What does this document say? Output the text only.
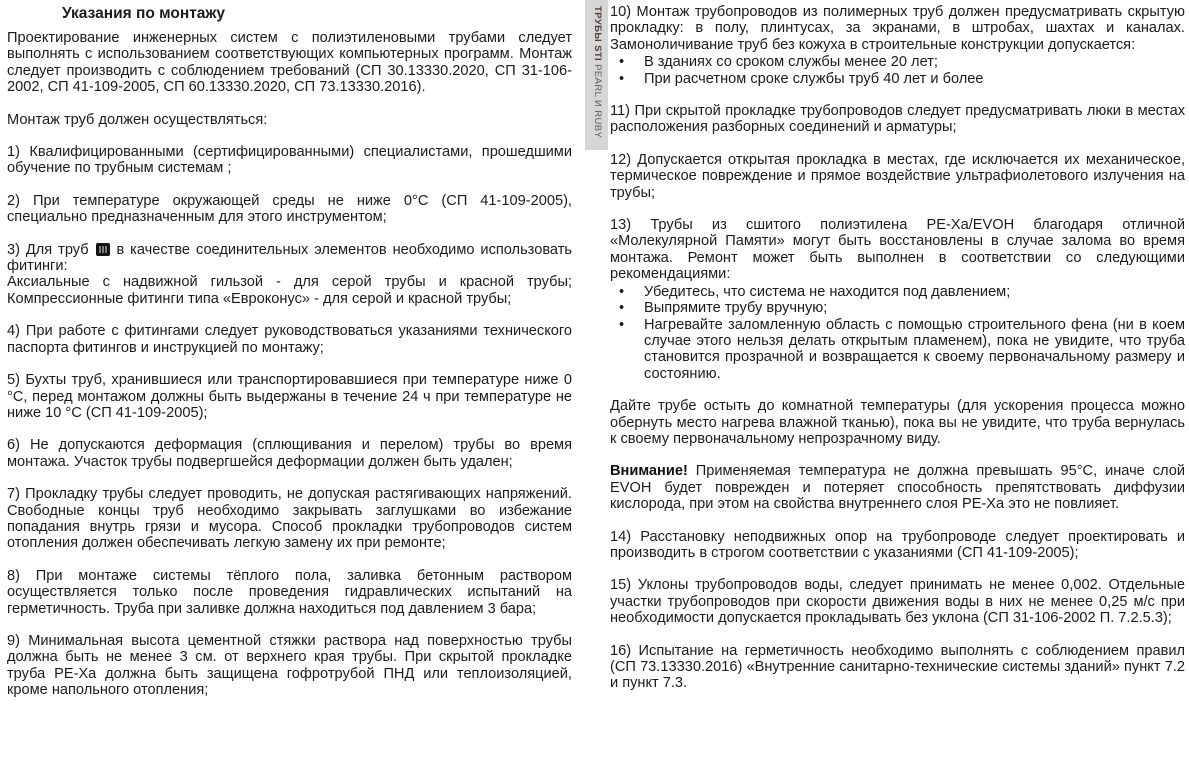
Указания по монтажу

Проектирование инженерных систем с полиэтиленовыми трубами следует выполнять с использованием соответствующих компьютерных программ. Монтаж следует производить с соблюдением требований (СП 30.13330.2020, СП 31-106-2002, СП 41-109-2005, СП 60.13330.2020, СП 73.13330.2016).

Монтаж труб должен осуществляться:

1) Квалифицированными (сертифицированными) специалистами, прошедшими обучение по трубным системам ;

2) При температуре окружающей среды не ниже 0°С (СП 41-109-2005), специально предназначенным для этого инструментом;

3) Для труб  в качестве соединительных элементов необходимо использовать фитинги:
Аксиальные с надвижной гильзой - для серой трубы и красной трубы; Компрессионные фитинги типа «Евроконус» - для серой и красной трубы;

4) При работе с фитингами следует руководствоваться указаниями технического паспорта фитингов и инструкцией по монтажу;

5) Бухты труб, хранившиеся или транспортировавшиеся при температуре ниже 0 °С, перед монтажом должны быть выдержаны в течение 24 ч при температуре не ниже 10 °С (СП 41-109-2005);

6) Не допускаются деформация (сплющивания и перелом) трубы во время монтажа. Участок трубы подвергшейся деформации должен быть удален;

7) Прокладку трубы следует проводить, не допуская растягивающих напряжений. Свободные концы труб необходимо закрывать заглушками во избежание попадания внутрь грязи и мусора. Способ прокладки трубопроводов систем отопления должен обеспечивать легкую замену их при ремонте;

8) При монтаже системы тёплого пола, заливка бетонным раствором осуществляется только после проведения гидравлических испытаний на герметичность. Труба при заливке должна находиться под давлением 3 бара;

9) Минимальная высота цементной стяжки раствора над поверхностью трубы должна быть не менее 3 см. от верхнего края трубы. При скрытой прокладке труба PE-Xa должна быть защищена гофротрубой ПНД или теплоизоляцией, кроме напольного отопления;

ТРУБЫ STI PEARL И RUBY

10) Монтаж трубопроводов из полимерных труб должен предусматривать скрытую прокладку: в полу, плинтусах, за экранами, в штробах, шахтах и каналах. Замоноличивание труб без кожуха в строительные конструкции допускается:

• В зданиях со сроком службы менее 20 лет;
• При расчетном сроке службы труб 40 лет и более

11) При скрытой прокладке трубопроводов следует предусматривать люки в местах расположения разборных соединений и арматуры;

12) Допускается открытая прокладка в местах, где исключается их механическое, термическое повреждение и прямое воздействие ультрафиолетового излучения на трубы;

13) Трубы из сшитого полиэтилена PE-Xa/EVOH благодаря отличной «Молекулярной Памяти» могут быть восстановлены в случае залома во время монтажа. Ремонт может быть выполнен в соответствии со следующими рекомендациями:

• Убедитесь, что система не находится под давлением;
• Выпрямите трубу вручную;
• Нагревайте заломленную область с помощью строительного фена (ни в коем случае этого нельзя делать открытым пламенем), пока не увидите, что труба становится прозрачной и возвращается к своему первоначальному размеру и состоянию.

Дайте трубе остыть до комнатной температуры (для ускорения процесса можно обернуть место нагрева влажной тканью), пока вы не увидите, что труба вернулась к своему первоначальному непрозрачному виду.

Внимание! Применяемая температура не должна превышать 95°С, иначе слой EVOH будет поврежден и потеряет способность препятствовать диффузии кислорода, при этом на свойства внутреннего слоя PE-Xa это не повлияет.

14) Расстановку неподвижных опор на трубопроводе следует проектировать и производить в строгом соответствии с указаниями (СП 41-109-2005);

15) Уклоны трубопроводов воды, следует принимать не менее 0,002. Отдельные участки трубопроводов при скорости движения воды в них не менее 0,25 м/с при необходимости допускается прокладывать без уклона (СП 31-106-2002 П. 7.2.5.3);

16) Испытание на герметичность необходимо выполнять с соблюдением правил (СП 73.13330.2016) «Внутренние санитарно-технические системы зданий» пункт 7.2 и пункт 7.3.
